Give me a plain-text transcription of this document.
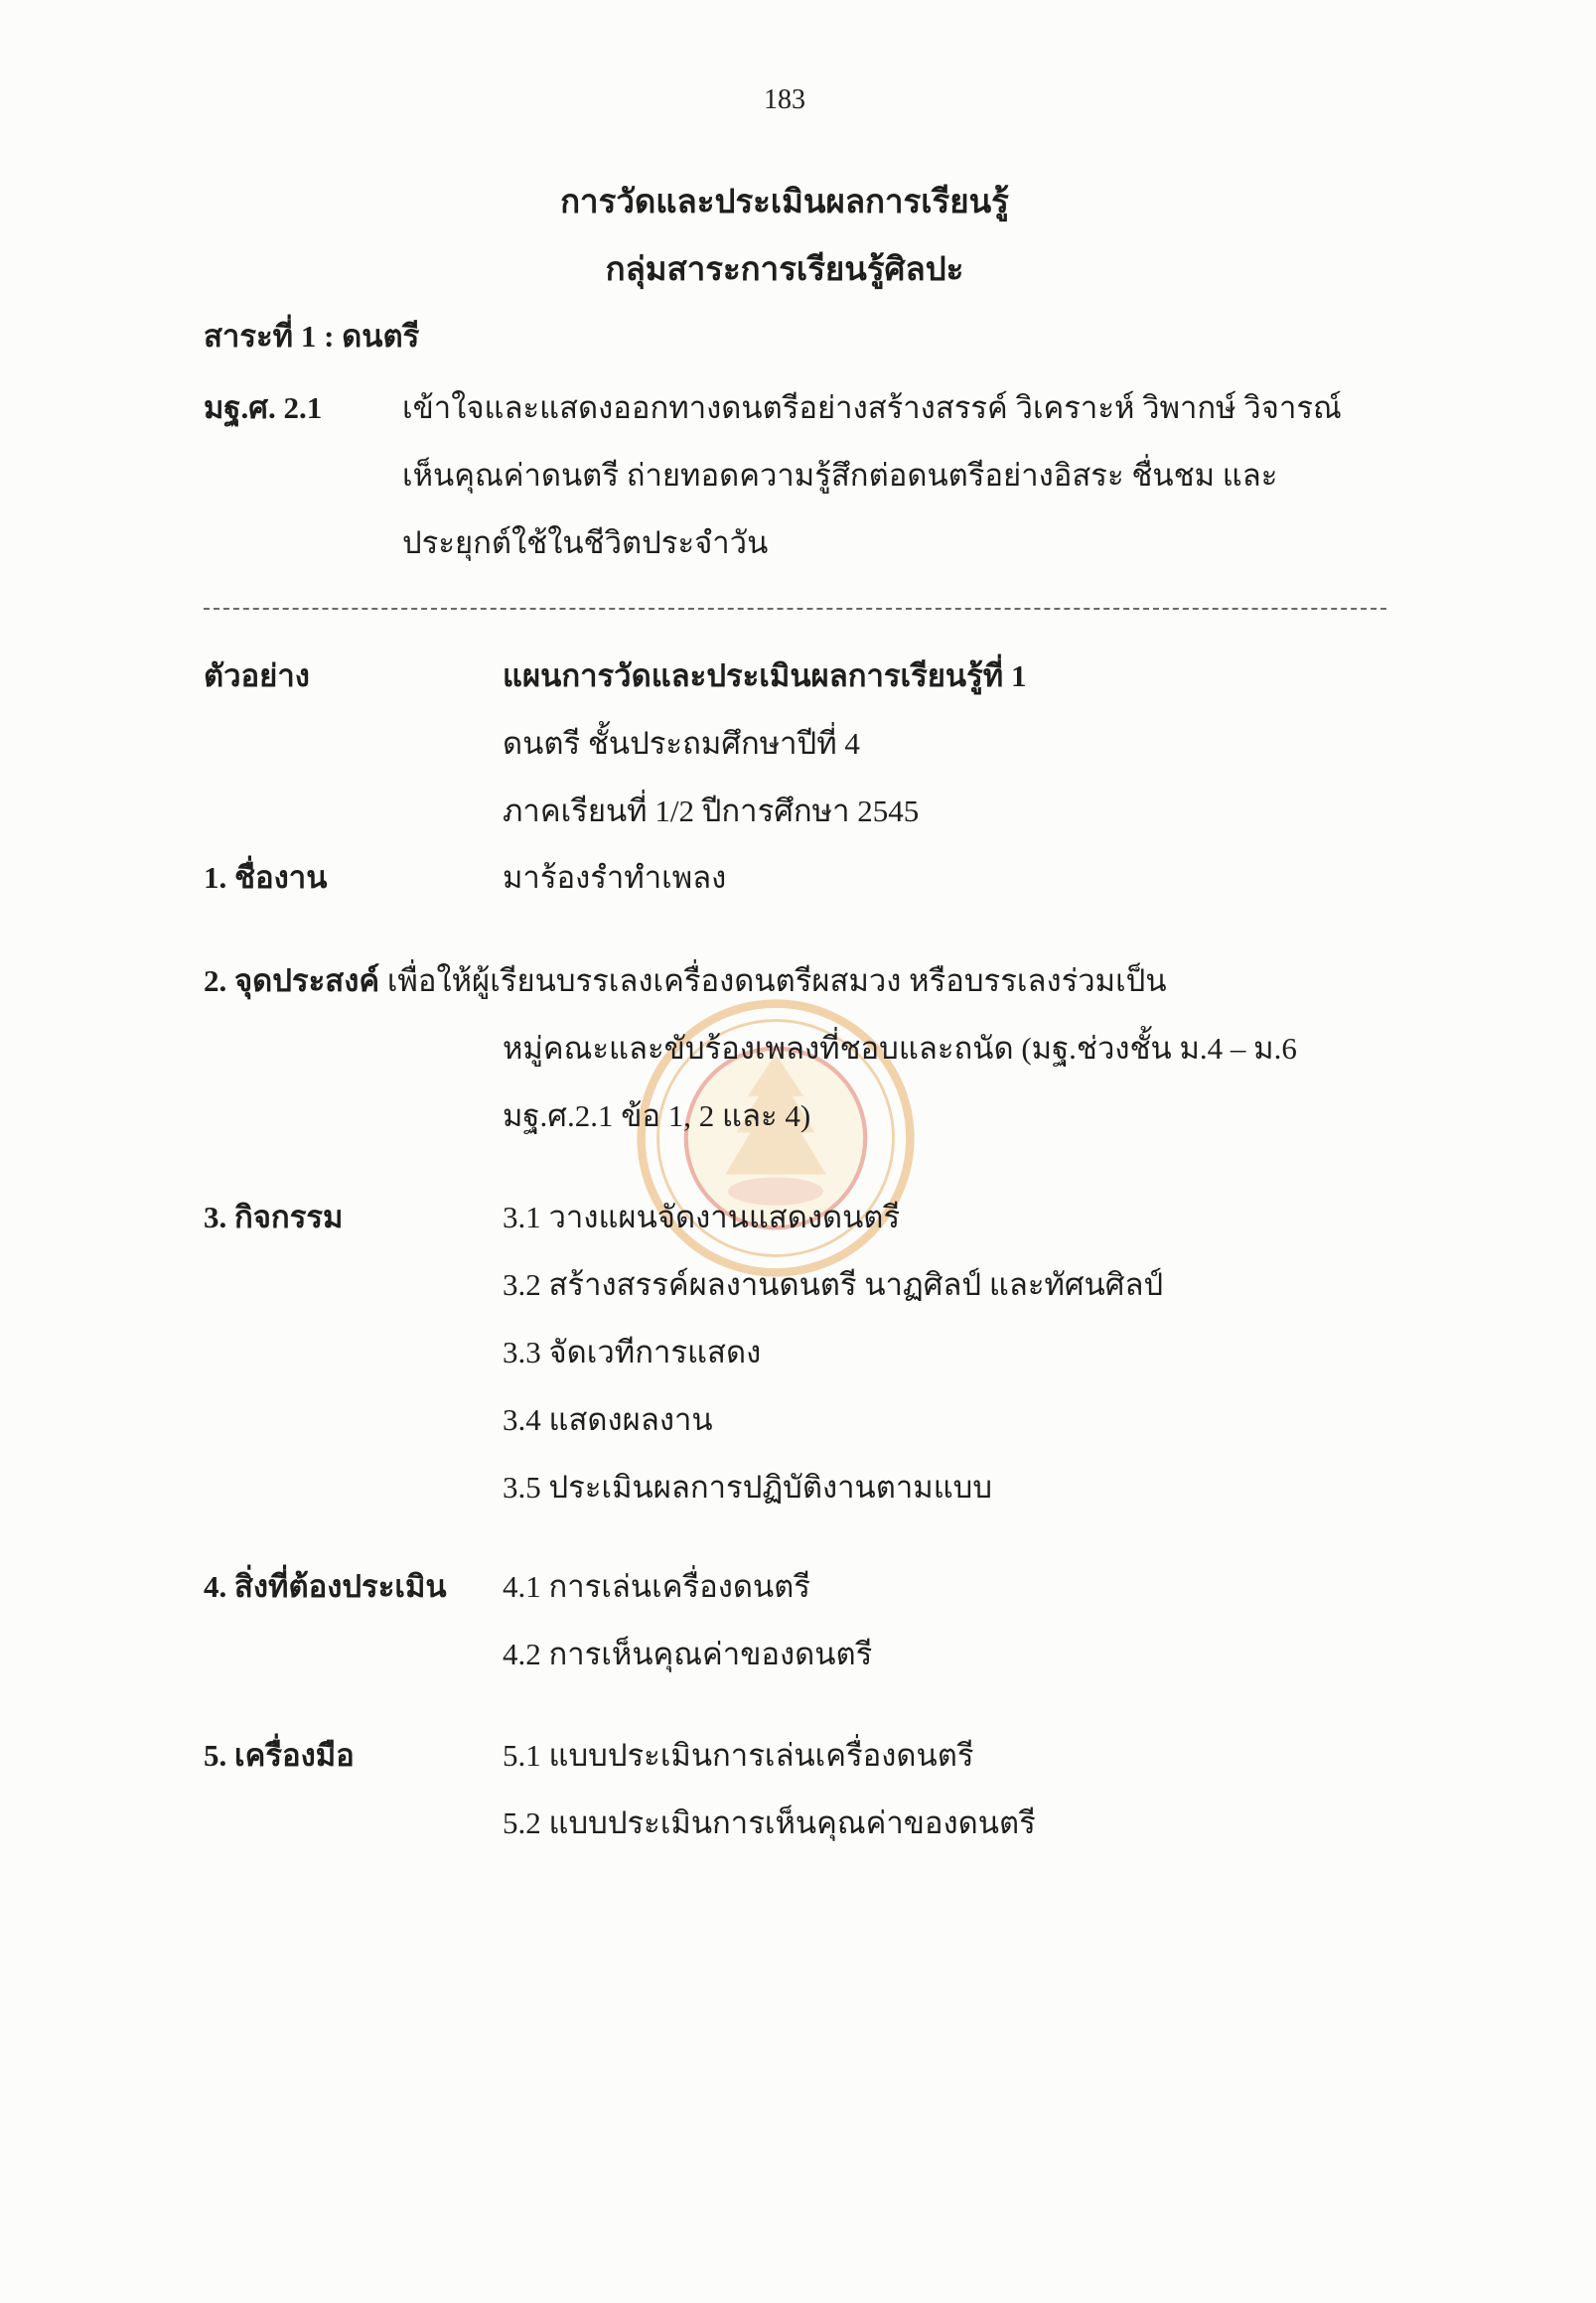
183
การวัดและประเมินผลการเรียนรู้
กลุ่มสาระการเรียนรู้ศิลปะ
สาระที่ 1 : ดนตรี
มฐ.ศ. 2.1	เข้าใจและแสดงออกทางดนตรีอย่างสร้างสรรค์ วิเคราะห์ วิพากษ์ วิจารณ์
เห็นคุณค่าดนตรี ถ่ายทอดความรู้สึกต่อดนตรีอย่างอิสระ ชื่นชม และ
ประยุกต์ใช้ในชีวิตประจำวัน
ตัวอย่าง	แผนการวัดและประเมินผลการเรียนรู้ที่ 1
ดนตรี ชั้นประถมศึกษาปีที่ 4
ภาคเรียนที่ 1/2 ปีการศึกษา 2545
1. ชื่องาน	มาร้องรำทำเพลง
2. จุดประสงค์ เพื่อให้ผู้เรียนบรรเลงเครื่องดนตรีผสมวง หรือบรรเลงร่วมเป็น
หมู่คณะและขับร้องเพลงที่ชอบและถนัด (มฐ.ช่วงชั้น ม.4 – ม.6
มฐ.ศ.2.1 ข้อ 1, 2 และ 4)
3. กิจกรรม	3.1 วางแผนจัดงานแสดงดนตรี
3.2 สร้างสรรค์ผลงานดนตรี นาฏศิลป์ และทัศนศิลป์
3.3 จัดเวทีการแสดง
3.4 แสดงผลงาน
3.5 ประเมินผลการปฏิบัติงานตามแบบ
4. สิ่งที่ต้องประเมิน	4.1 การเล่นเครื่องดนตรี
4.2 การเห็นคุณค่าของดนตรี
5. เครื่องมือ	5.1 แบบประเมินการเล่นเครื่องดนตรี
5.2 แบบประเมินการเห็นคุณค่าของดนตรี
